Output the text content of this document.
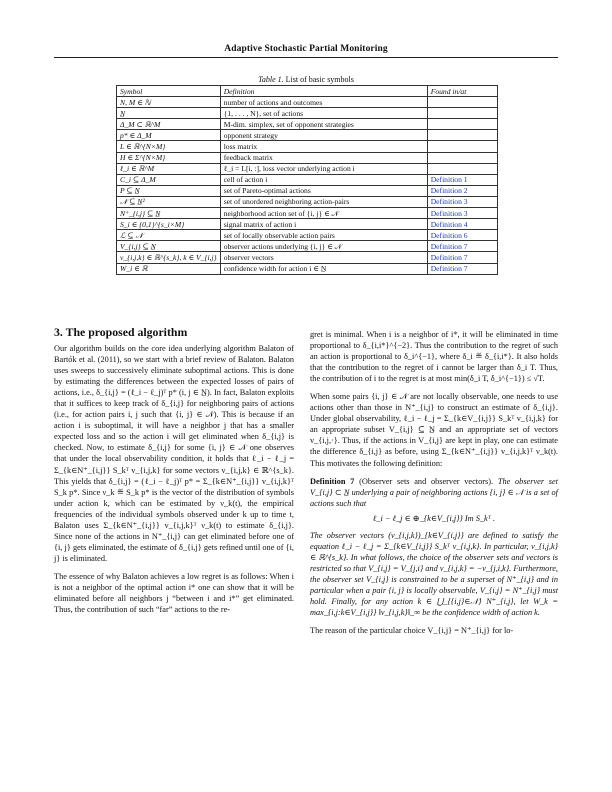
Adaptive Stochastic Partial Monitoring
Table 1. List of basic symbols
Symbol	Definition	Found in/at
N, M ∈ ℕ	number of actions and outcomes	
N̲	{1, . . . , N}, set of actions	
Δ_M ⊂ ℝ^M	M-dim. simplex, set of opponent strategies	
p* ∈ Δ_M	opponent strategy	
L ∈ ℝ^{N×M}	loss matrix	
H ∈ Σ^{N×M}	feedback matrix	
ℓ_i ∈ ℝ^M	ℓ_i = L[i, :], loss vector underlying action i	
C_i ⊆ Δ_M	cell of action i	Definition 1
P ⊆ N̲	set of Pareto-optimal actions	Definition 2
𝒩 ⊆ N̲²	set of unordered neighboring action-pairs	Definition 3
N⁺_{i,j} ⊆ N̲	neighborhood action set of {i, j} ∈ 𝒩	Definition 3
S_i ∈ {0,1}^{s_i×M}	signal matrix of action i	Definition 4
ℒ ⊆ 𝒩	set of locally observable action pairs	Definition 6
V_{i,j} ⊆ N̲	observer actions underlying {i, j} ∈ 𝒩	Definition 7
v_{i,j,k} ∈ ℝ^{s_k}, k ∈ V_{i,j}	observer vectors	Definition 7
W_i ∈ ℝ	confidence width for action i ∈ N̲	Definition 7
3. The proposed algorithm

Our algorithm builds on the core idea underlying algorithm Balaton of Bartók et al. (2011), so we start with a brief review of Balaton. Balaton uses sweeps to successively eliminate suboptimal actions. This is done by estimating the differences between the expected losses of pairs of actions, i.e., δ_{i,j} = (ℓ_i − ℓ_j)ᵀ p* (i, j ∈ N̲). In fact, Balaton exploits that it suffices to keep track of δ_{i,j} for neighboring pairs of actions (i.e., for action pairs i, j such that {i, j} ∈ 𝒩). This is because if an action i is suboptimal, it will have a neighbor j that has a smaller expected loss and so the action i will get eliminated when δ_{i,j} is checked. Now, to estimate δ_{i,j} for some {i, j} ∈ 𝒩 one observes that under the local observability condition, it holds that ℓ_i − ℓ_j = Σ_{k∈N⁺_{i,j}} S_kᵀ v_{i,j,k} for some vectors v_{i,j,k} ∈ ℝ^{s_k}. This yields that δ_{i,j} = (ℓ_i − ℓ_j)ᵀ p* = Σ_{k∈N⁺_{i,j}} v_{i,j,k}ᵀ S_k p*. Since ν_k ≝ S_k p* is the vector of the distribution of symbols under action k, which can be estimated by ν_k(t), the empirical frequencies of the individual symbols observed under k up to time t, Balaton uses Σ_{k∈N⁺_{i,j}} v_{i,j,k}ᵀ ν_k(t) to estimate δ_{i,j}. Since none of the actions in N⁺_{i,j} can get eliminated before one of {i, j} gets eliminated, the estimate of δ_{i,j} gets refined until one of {i, j} is eliminated.

The essence of why Balaton achieves a low regret is as follows: When i is not a neighbor of the optimal action i* one can show that it will be eliminated before all neighbors j “between i and i*” get eliminated. Thus, the contribution of such “far” actions to the re-

gret is minimal. When i is a neighbor of i*, it will be eliminated in time proportional to δ_{i,i*}^{−2}. Thus the contribution to the regret of such an action is proportional to δ_i^{−1}, where δ_i ≝ δ_{i,i*}. It also holds that the contribution to the regret of i cannot be larger than δ_i T. Thus, the contribution of i to the regret is at most min(δ_i T, δ_i^{−1}) ≤ √T.

When some pairs {i, j} ∈ 𝒩 are not locally observable, one needs to use actions other than those in N⁺_{i,j} to construct an estimate of δ_{i,j}. Under global observability, ℓ_i − ℓ_j = Σ_{k∈V_{i,j}} S_kᵀ v_{i,j,k} for an appropriate subset V_{i,j} ⊆ N̲ and an appropriate set of vectors v_{i,j,·}. Thus, if the actions in V_{i,j} are kept in play, one can estimate the difference δ_{i,j} as before, using Σ_{k∈N⁺_{i,j}} v_{i,j,k}ᵀ ν_k(t). This motivates the following definition:

Definition 7 (Observer sets and observer vectors). The observer set V_{i,j} ⊂ N̲ underlying a pair of neighboring actions {i, j} ∈ 𝒩 is a set of actions such that

ℓ_i − ℓ_j ∈ ⊕_{k∈V_{i,j}} Im S_kᵀ .

The observer vectors (v_{i,j,k})_{k∈V_{i,j}} are defined to satisfy the equation ℓ_i − ℓ_j = Σ_{k∈V_{i,j}} S_kᵀ v_{i,j,k}. In particular, v_{i,j,k} ∈ ℝ^{s_k}. In what follows, the choice of the observer sets and vectors is restricted so that V_{i,j} = V_{j,i} and v_{i,j,k} = −v_{j,i,k}. Furthermore, the observer set V_{i,j} is constrained to be a superset of N⁺_{i,j} and in particular when a pair {i, j} is locally observable, V_{i,j} = N⁺_{i,j} must hold. Finally, for any action k ∈ ⋃_{{i,j}∈𝒩} N⁺_{i,j}, let W_k = max_{i,j:k∈V_{i,j}} ‖v_{i,j,k}‖_∞ be the confidence width of action k.

The reason of the particular choice V_{i,j} = N⁺_{i,j} for lo-
